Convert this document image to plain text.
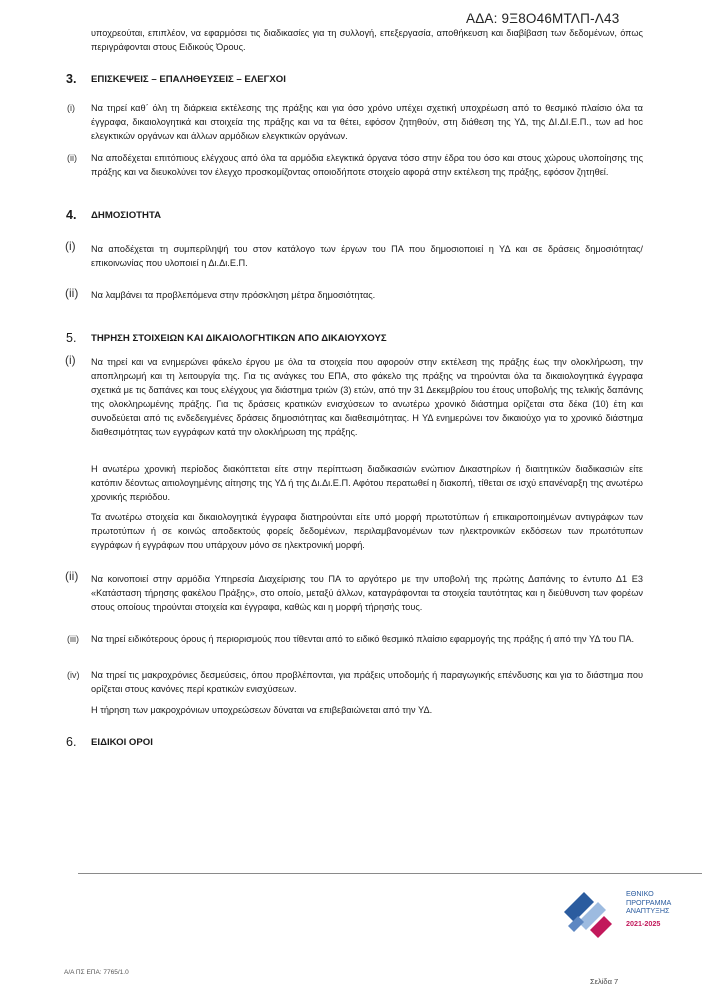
ΑΔΑ: 9Ξ8Ο46ΜΤΛΠ-Λ43
υποχρεούται, επιπλέον, να εφαρμόσει τις διαδικασίες για τη συλλογή, επεξεργασία, αποθήκευση και διαβίβαση των δεδομένων, όπως περιγράφονται στους Ειδικούς Όρους.
3. ΕΠΙΣΚΕΨΕΙΣ – ΕΠΑΛΗΘΕΥΣΕΙΣ – ΕΛΕΓΧΟΙ
(i) Να τηρεί καθ΄ όλη τη διάρκεια εκτέλεσης της πράξης και για όσο χρόνο υπέχει σχετική υποχρέωση από το θεσμικό πλαίσιο όλα τα έγγραφα, δικαιολογητικά και στοιχεία της πράξης και να τα θέτει, εφόσον ζητηθούν, στη διάθεση της ΥΔ, της ΔΙ.ΔΙ.Ε.Π., των ad hoc ελεγκτικών οργάνων και άλλων αρμόδιων ελεγκτικών οργάνων.
(ii) Να αποδέχεται επιτόπιους ελέγχους από όλα τα αρμόδια ελεγκτικά όργανα τόσο στην έδρα του όσο και στους χώρους υλοποίησης της πράξης και να διευκολύνει τον έλεγχο προσκομίζοντας οποιοδήποτε στοιχείο αφορά στην εκτέλεση της πράξης, εφόσον ζητηθεί.
4. ΔΗΜΟΣΙΟΤΗΤΑ
(i) Να αποδέχεται τη συμπερίληψή του στον κατάλογο των έργων του ΠΑ που δημοσιοποιεί η ΥΔ και σε δράσεις δημοσιότητας/επικοινωνίας που υλοποιεί η Δι.Δι.Ε.Π.
(ii) Να λαμβάνει τα προβλεπόμενα στην πρόσκληση μέτρα δημοσιότητας.
5. ΤΗΡΗΣΗ ΣΤΟΙΧΕΙΩΝ ΚΑΙ ΔΙΚΑΙΟΛΟΓΗΤΙΚΩΝ ΑΠΟ ΔΙΚΑΙΟΥΧΟΥΣ
(i) Να τηρεί και να ενημερώνει φάκελο έργου με όλα τα στοιχεία που αφορούν στην εκτέλεση της πράξης έως την ολοκλήρωση, την αποπληρωμή και τη λειτουργία της. Για τις ανάγκες του ΕΠΑ, στο φάκελο της πράξης να τηρούνται όλα τα δικαιολογητικά έγγραφα σχετικά με τις δαπάνες και τους ελέγχους για διάστημα τριών (3) ετών, από την 31 Δεκεμβρίου του έτους υποβολής της τελικής δαπάνης της ολοκληρωμένης πράξης. Για τις δράσεις κρατικών ενισχύσεων το ανωτέρω χρονικό διάστημα ορίζεται στα δέκα (10) έτη και συνοδεύεται από τις ενδεδειγμένες δράσεις δημοσιότητας και διαθεσιμότητας. Η ΥΔ ενημερώνει τον δικαιούχο για το χρονικό διάστημα διαθεσιμότητας των εγγράφων κατά την ολοκλήρωση της πράξης.
Η ανωτέρω χρονική περίοδος διακόπτεται είτε στην περίπτωση διαδικασιών ενώπιον Δικαστηρίων ή διαιτητικών διαδικασιών είτε κατόπιν δέοντως αιτιολογημένης αίτησης της ΥΔ ή της Δι.Δι.Ε.Π. Αφότου περατωθεί η διακοπή, τίθεται σε ισχύ επανέναρξη της ανωτέρω χρονικής περιόδου.
Τα ανωτέρω στοιχεία και δικαιολογητικά έγγραφα διατηρούνται είτε υπό μορφή πρωτοτύπων ή επικαιροποιημένων αντιγράφων των πρωτοτύπων ή σε κοινώς αποδεκτούς φορείς δεδομένων, περιλαμβανομένων των ηλεκτρονικών εκδόσεων των πρωτότυπων εγγράφων ή εγγράφων που υπάρχουν μόνο σε ηλεκτρονική μορφή.
(ii) Να κοινοποιεί στην αρμόδια Υπηρεσία Διαχείρισης του ΠΑ το αργότερο με την υποβολή της πρώτης Δαπάνης το έντυπο Δ1 Ε3 «Κατάσταση τήρησης φακέλου Πράξης», στο οποίο, μεταξύ άλλων, καταγράφονται τα στοιχεία ταυτότητας και η διεύθυνση των φορέων στους οποίους τηρούνται στοιχεία και έγγραφα, καθώς και η μορφή τήρησής τους.
(iii) Να τηρεί ειδικότερους όρους ή περιορισμούς που τίθενται από το ειδικό θεσμικό πλαίσιο εφαρμογής της πράξης ή από την ΥΔ του ΠΑ.
(iv) Να τηρεί τις μακροχρόνιες δεσμεύσεις, όπου προβλέπονται, για πράξεις υποδομής ή παραγωγικής επένδυσης και για το διάστημα που ορίζεται στους κανόνες περί κρατικών ενισχύσεων.
Η τήρηση των μακροχρόνιων υποχρεώσεων δύναται να επιβεβαιώνεται από την ΥΔ.
6. ΕΙΔΙΚΟΙ ΟΡΟΙ
ΕΘΝΙΚΟ
ΠΡΟΓΡΑΜΜΑ
ΑΝΑΠΤΥΞΗΣ
2021-2025
Α/Α ΠΣ ΕΠΑ: 7765/1.0
Σελίδα 7
